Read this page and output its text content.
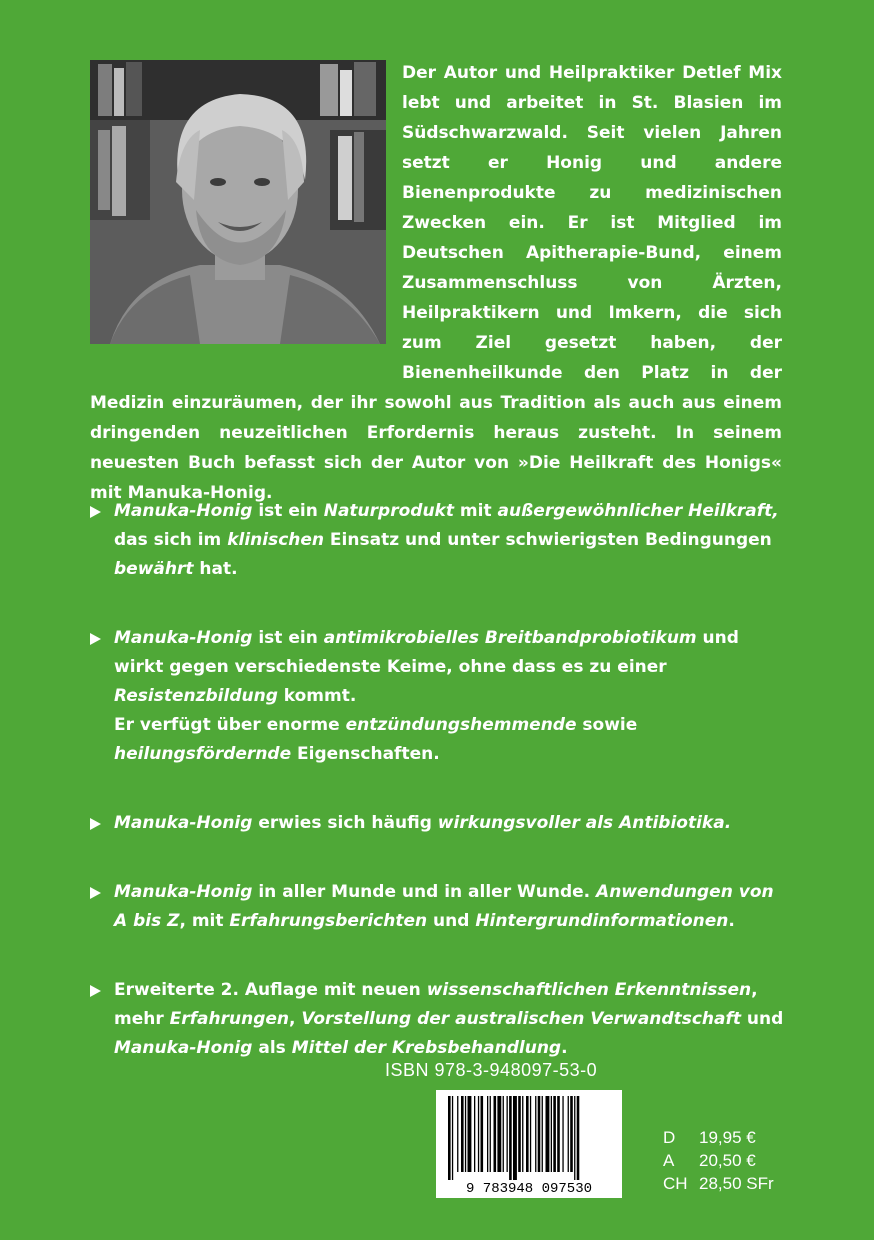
Der Autor und Heilpraktiker Detlef Mix lebt und arbeitet in St. Blasien im Südschwarzwald. Seit vielen Jahren setzt er Honig und andere Bienenprodukte zu medizinischen Zwecken ein. Er ist Mitglied im Deutschen Apitherapie-Bund, einem Zusammenschluss von Ärzten, Heilpraktikern und Imkern, die sich zum Ziel gesetzt haben, der Bienenheilkunde den Platz in der Medizin einzuräumen, der ihr sowohl aus Tradition als auch aus einem dringenden neuzeitlichen Erfordernis heraus zusteht. In seinem neuesten Buch befasst sich der Autor von »Die Heilkraft des Honigs« mit Manuka-Honig.

Manuka-Honig ist ein Naturprodukt mit außergewöhnlicher Heilkraft, das sich im klinischen Einsatz und unter schwierigsten Bedingungen bewährt hat.
Manuka-Honig ist ein antimikrobielles Breitbandprobiotikum und wirkt gegen verschiedenste Keime, ohne dass es zu einer Resistenzbildung kommt.
Er verfügt über enorme entzündungshemmende sowie heilungsfördernde Eigenschaften.
Manuka-Honig erwies sich häufig wirkungsvoller als Antibiotika.
Manuka-Honig in aller Munde und in aller Wunde. Anwendungen von A bis Z, mit Erfahrungsberichten und Hintergrundinformationen.
Erweiterte 2. Auflage mit neuen wissenschaftlichen Erkenntnissen, mehr Erfahrungen, Vorstellung der australischen Verwandtschaft und Manuka-Honig als Mittel der Krebsbehandlung.
ISBN 978-3-948097-53-0
9 783948 097530
D	19,95 €
A	20,50 €
CH 28,50 SFr
